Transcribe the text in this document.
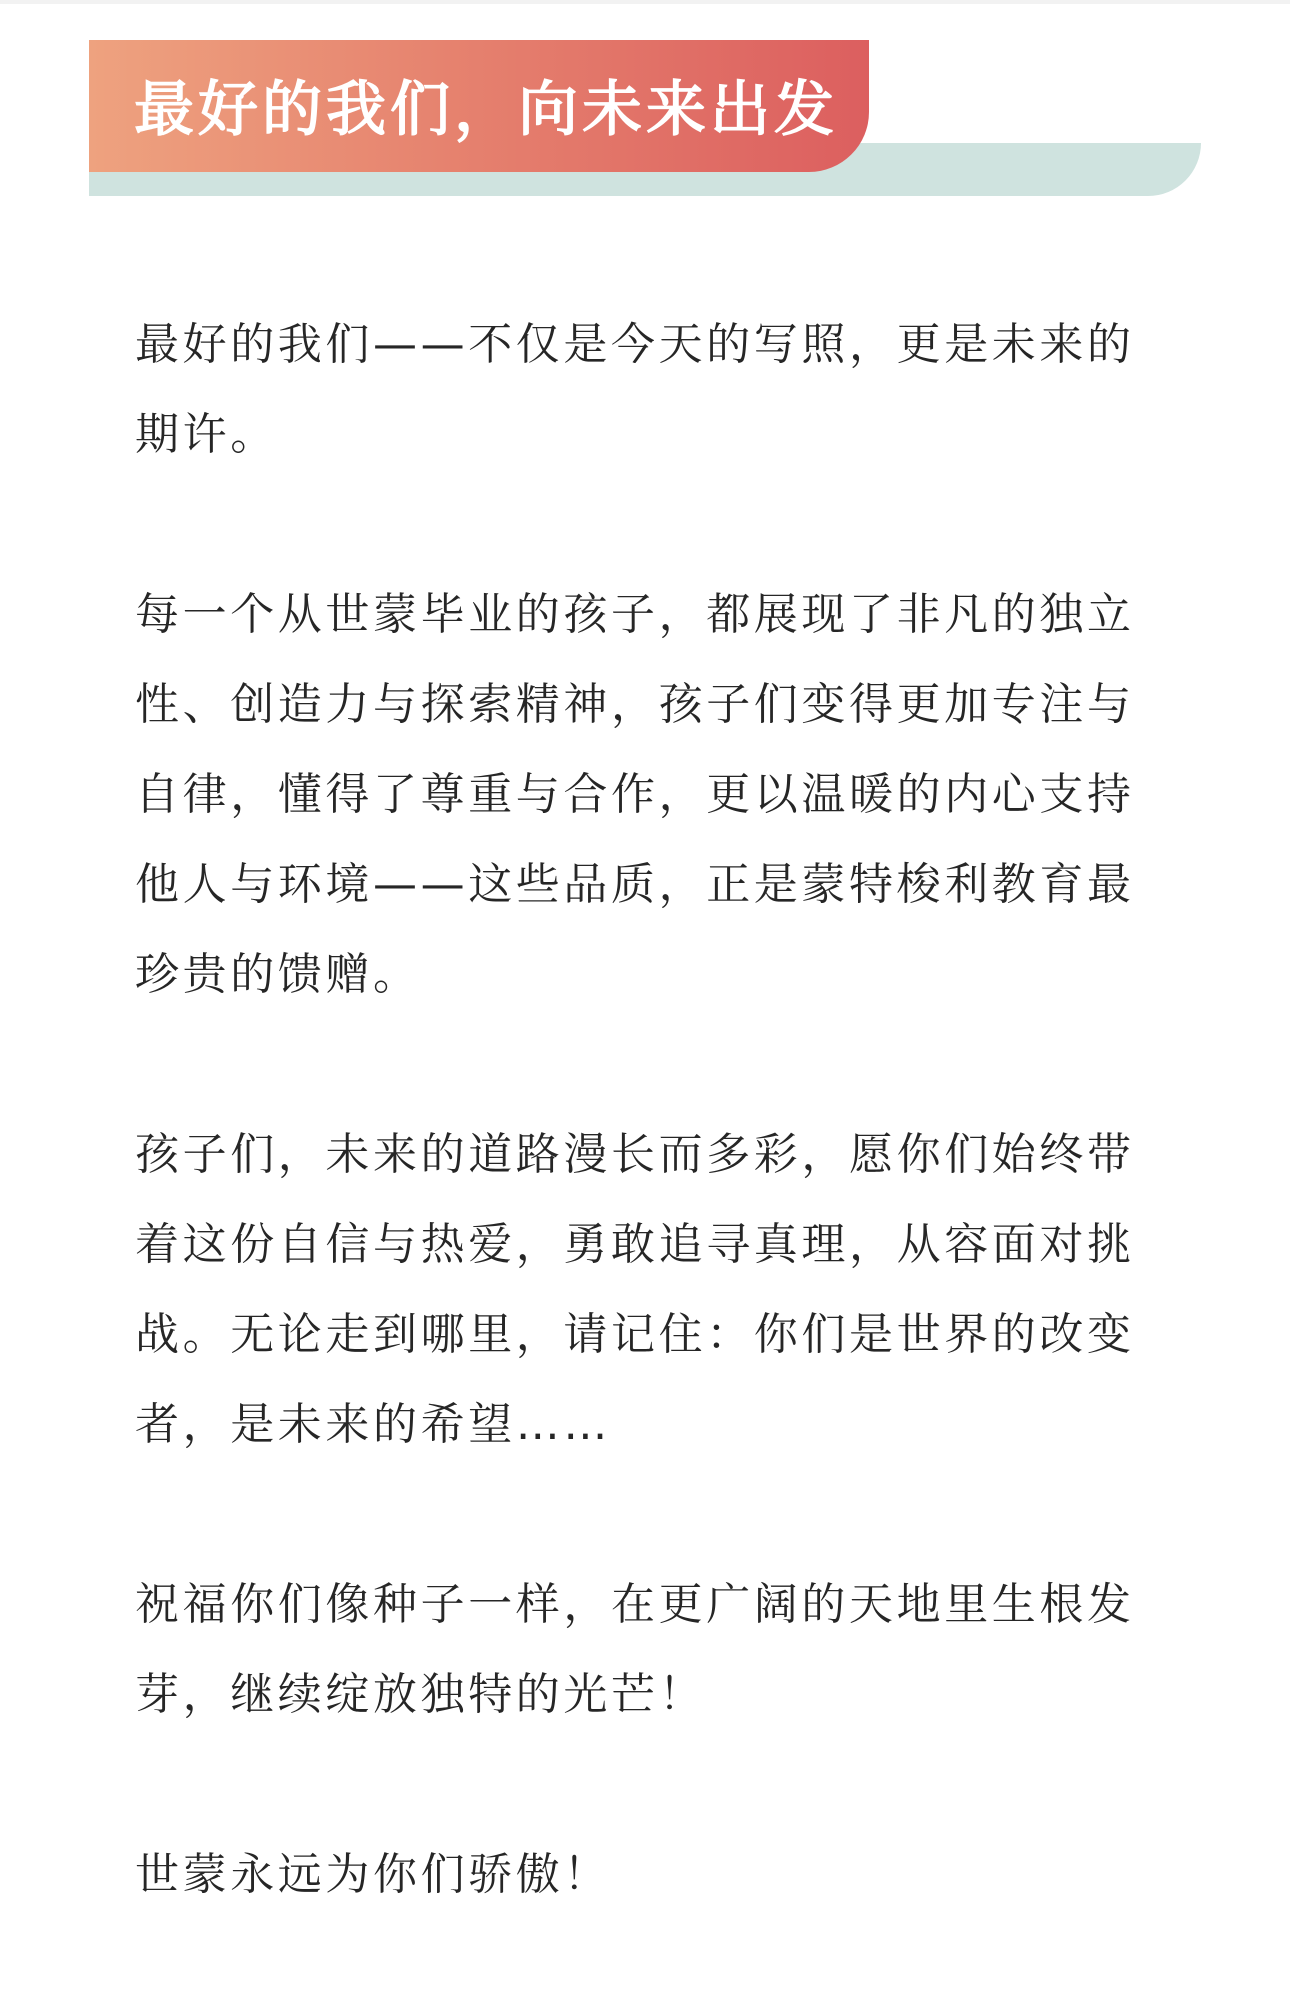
最好的我们，向未来出发

最好的我们——不仅是今天的写照，更是未来的期许。

每一个从世蒙毕业的孩子，都展现了非凡的独立性、创造力与探索精神，孩子们变得更加专注与自律，懂得了尊重与合作，更以温暖的内心支持他人与环境——这些品质，正是蒙特梭利教育最珍贵的馈赠。

孩子们，未来的道路漫长而多彩，愿你们始终带着这份自信与热爱，勇敢追寻真理，从容面对挑战。无论走到哪里，请记住：你们是世界的改变者，是未来的希望……

祝福你们像种子一样，在更广阔的天地里生根发芽，继续绽放独特的光芒！

世蒙永远为你们骄傲！
